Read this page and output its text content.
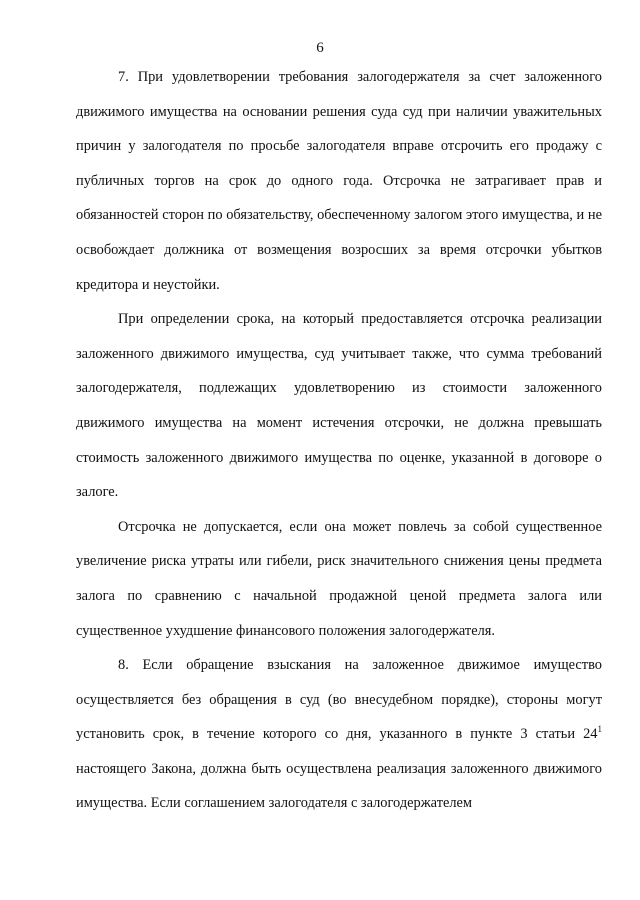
6

7. При удовлетворении требования залогодержателя за счет заложенного движимого имущества на основании решения суда суд при наличии уважительных причин у залогодателя по просьбе залогодателя вправе отсрочить его продажу с публичных торгов на срок до одного года. Отсрочка не затрагивает прав и обязанностей сторон по обязательству, обеспеченному залогом этого имущества, и не освобождает должника от возмещения возросших за время отсрочки убытков кредитора и неустойки.

При определении срока, на который предоставляется отсрочка реализации заложенного движимого имущества, суд учитывает также, что сумма требований залогодержателя, подлежащих удовлетворению из стоимости заложенного движимого имущества на момент истечения отсрочки, не должна превышать стоимость заложенного движимого имущества по оценке, указанной в договоре о залоге.

Отсрочка не допускается, если она может повлечь за собой существенное увеличение риска утраты или гибели, риск значительного снижения цены предмета залога по сравнению с начальной продажной ценой предмета залога или существенное ухудшение финансового положения залогодержателя.

8. Если обращение взыскания на заложенное движимое имущество осуществляется без обращения в суд (во внесудебном порядке), стороны могут установить срок, в течение которого со дня, указанного в пункте 3 статьи $24^1$ настоящего Закона, должна быть осуществлена реализация заложенного движимого имущества. Если соглашением залогодателя с залогодержателем
